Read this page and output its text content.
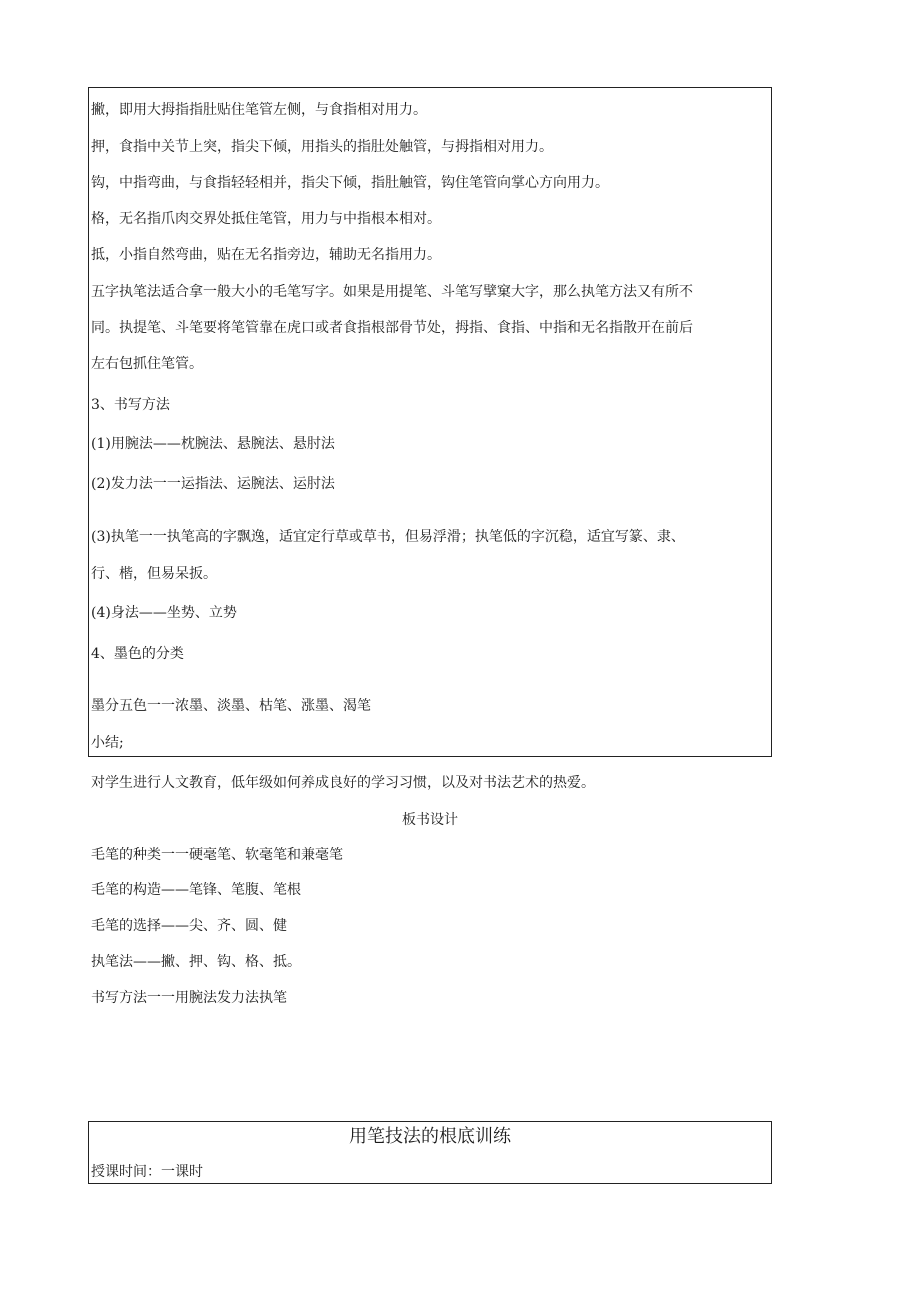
撇，即用大拇指指肚贴住笔管左侧，与食指相对用力。
押，食指中关节上突，指尖下倾，用指头的指肚处触管，与拇指相对用力。
钩，中指弯曲，与食指轻轻相并，指尖下倾，指肚触管，钩住笔管向掌心方向用力。
格，无名指爪肉交界处抵住笔管，用力与中指根本相对。
抵，小指自然弯曲，贴在无名指旁边，辅助无名指用力。
五字执笔法适合拿一般大小的毛笔写字。如果是用提笔、斗笔写擘窠大字，那么执笔方法又有所不
同。执提笔、斗笔要将笔管靠在虎口或者食指根部骨节处，拇指、食指、中指和无名指散开在前后
左右包抓住笔管。
3、书写方法
(1)用腕法——枕腕法、悬腕法、悬肘法
(2)发力法一一运指法、运腕法、运肘法
(3)执笔一一执笔高的字飘逸，适宜定行草或草书，但易浮滑；执笔低的字沉稳，适宜写篆、隶、
行、楷，但易呆扳。
(4)身法——坐势、立势
4、墨色的分类
墨分五色一一浓墨、淡墨、枯笔、涨墨、渴笔
小结;
对学生进行人文教育，低年级如何养成良好的学习习惯，以及对书法艺术的热爱。
板书设计
毛笔的种类一一硬毫笔、软毫笔和兼毫笔
毛笔的构造——笔锋、笔腹、笔根
毛笔的选择——尖、齐、圆、健
执笔法——撇、押、钩、格、抵。
书写方法一一用腕法发力法执笔
用笔技法的根底训练
授课时间：一课时
